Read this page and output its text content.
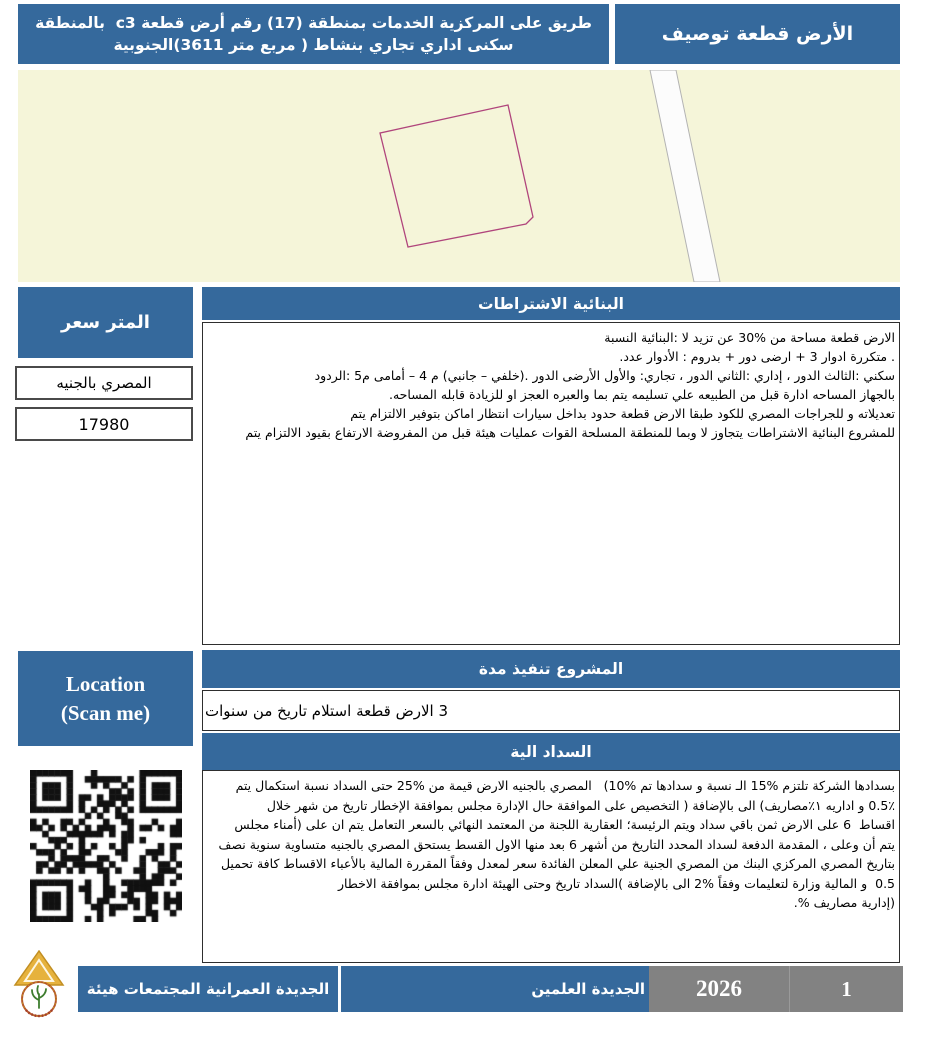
بالمنطقة‎ ‎‎ ‎c3‎ ‎قطعة‎ ‎أرض‎ ‎رقم‎ ‎(17)‎ ‎بمنطقة‎ ‎الخدمات‎ ‎المركزية‎ ‎على‎ ‎طريق
الجنوبية(3611‎ ‎متر‎ ‎مربع‎ ‎)‎ ‎بنشاط‎ ‎تجاري‎ ‎اداري‎ ‎سكنى	توصيف‎ ‎قطعة‎ ‎الأرض
سعر‎ ‎المتر
بالجنيه‎ ‎المصري
17980
الاشتراطات‎ ‎البنائية
النسبة‎ ‎البنائية:‎ ‎لا‎ ‎تزيد‎ ‎عن‎ ‎30%‎ ‎من‎ ‎مساحة‎ ‎قطعة‎ ‎الارض
.عدد‎ ‎الأدوار‎ ‎:‎ ‎بدروم‎ ‎+‎ ‎دور‎ ‎ارضى‎ ‎+‎ ‎3‎ ‎ادوار‎ ‎متكررة‎ ‎.
الردود:‎ ‎5م‎ ‎أمامى‎ ‎–‎ ‎4‎ ‎م‎ ‎(جانبي‎ ‎–‎ ‎خلفي).‎ ‎الدور‎ ‎الأرضى‎ ‎والأول‎ ‎:تجاري‎ ‎،‎ ‎الدور‎ ‎الثاني:‎ ‎إداري‎ ‎،‎ ‎الدور‎ ‎الثالث:‎ ‎سكني
.المساحه‎ ‎قابله‎ ‎للزيادة‎ ‎او‎ ‎العجز‎ ‎والعبره‎ ‎بما‎ ‎يتم‎ ‎تسليمه‎ ‎علي‎ ‎الطبيعه‎ ‎من‎ ‎قبل‎ ‎ادارة‎ ‎المساحه‎ ‎بالجهاز
يتم‎ ‎الالتزام‎ ‎بتوفير‎ ‎اماكن‎ ‎انتظار‎ ‎سيارات‎ ‎بداخل‎ ‎حدود‎ ‎قطعة‎ ‎الارض‎ ‎طبقا‎ ‎للكود‎ ‎المصري‎ ‎للجراجات‎ ‎و‎ ‎تعديلاته
يتم‎ ‎الالتزام‎ ‎بقيود‎ ‎الارتفاع‎ ‎المفروضة‎ ‎من‎ ‎قبل‎ ‎هيئة‎ ‎عمليات‎ ‎القوات‎ ‎المسلحة‎ ‎للمنطقة‎ ‎وبما‎ ‎لا‎ ‎يتجاوز‎ ‎الاشتراطات‎ ‎البنائية‎ ‎للمشروع
مدة‎ ‎تنفيذ‎ ‎المشروع
سنوات‎ ‎من‎ ‎تاريخ‎ ‎استلام‎ ‎قطعة‎ ‎الارض‎ ‎3
الية‎ ‎السداد
يتم‎ ‎استكمال‎ ‎نسبة‎ ‎السداد‎ ‎حتى‎ ‎25%‎ ‎من‎ ‎قيمة‎ ‎الارض‎ ‎بالجنيه‎ ‎المصري‎ ‎‎ ‎‎ ‎(10%‎ ‎تم‎ ‎سدادها‎ ‎و‎ ‎نسبة‎ ‎الـ‎ ‎15%‎ ‎تلتزم‎ ‎الشركة‎ ‎بسدادها
خلال‎ ‎شهر‎ ‎من‎ ‎تاريخ‎ ‎الإخطار‎ ‎بموافقة‎ ‎مجلس‎ ‎الإدارة‎ ‎حال‎ ‎الموافقة‎ ‎على‎ ‎التخصيص‎ ‎)‎ ‎بالإضافة‎ ‎الى‎ ‎(١٪مصاريف‎ ‎اداريه‎ ‎و‎ ‎0.5٪
مجلس‎ ‎أمناء)‎ ‎على‎ ‎ان‎ ‎يتم‎ ‎التعامل‎ ‎بالسعر‎ ‎النهائي‎ ‎المعتمد‎ ‎من‎ ‎اللجنة‎ ‎العقارية‎ ‎الرئيسة؛‎ ‎ويتم‎ ‎سداد‎ ‎باقي‎ ‎ثمن‎ ‎الارض‎ ‎على‎ ‎6‎ ‎‎ ‎اقساط
نصف‎ ‎سنوية‎ ‎متساوية‎ ‎بالجنيه‎ ‎المصري‎ ‎يستحق‎ ‎القسط‎ ‎الاول‎ ‎منها‎ ‎بعد‎ ‎6‎ ‎أشهر‎ ‎من‎ ‎التاريخ‎ ‎المحدد‎ ‎لسداد‎ ‎الدفعة‎ ‎المقدمة‎ ‎،‎ ‎وعلى‎ ‎أن‎ ‎يتم
تحميل‎ ‎كافة‎ ‎الاقساط‎ ‎بالأعباء‎ ‎المالية‎ ‎المقررة‎ ‎وفقاً‎ ‎لمعدل‎ ‎سعر‎ ‎الفائدة‎ ‎المعلن‎ ‎علي‎ ‎الجنية‎ ‎المصري‎ ‎من‎ ‎البنك‎ ‎المركزي‎ ‎المصري‎ ‎بتاريخ
الاخطار‎ ‎بموافقة‎ ‎مجلس‎ ‎ادارة‎ ‎الهيئة‎ ‎وحتى‎ ‎تاريخ‎ ‎السداد(‎ ‎بالإضافة‎ ‎الى‎ ‎2%‎ ‎وفقاً‎ ‎لتعليمات‎ ‎وزارة‎ ‎المالية‎ ‎و‎ ‎‎ ‎0.5
.%‎ ‎مصاريف‎ ‎إدارية)
Location
(Scan me)
هيئة‎ ‎المجتمعات‎ ‎العمرانية‎ ‎الجديدة	العلمين‎ ‎الجديدة 2026	1
